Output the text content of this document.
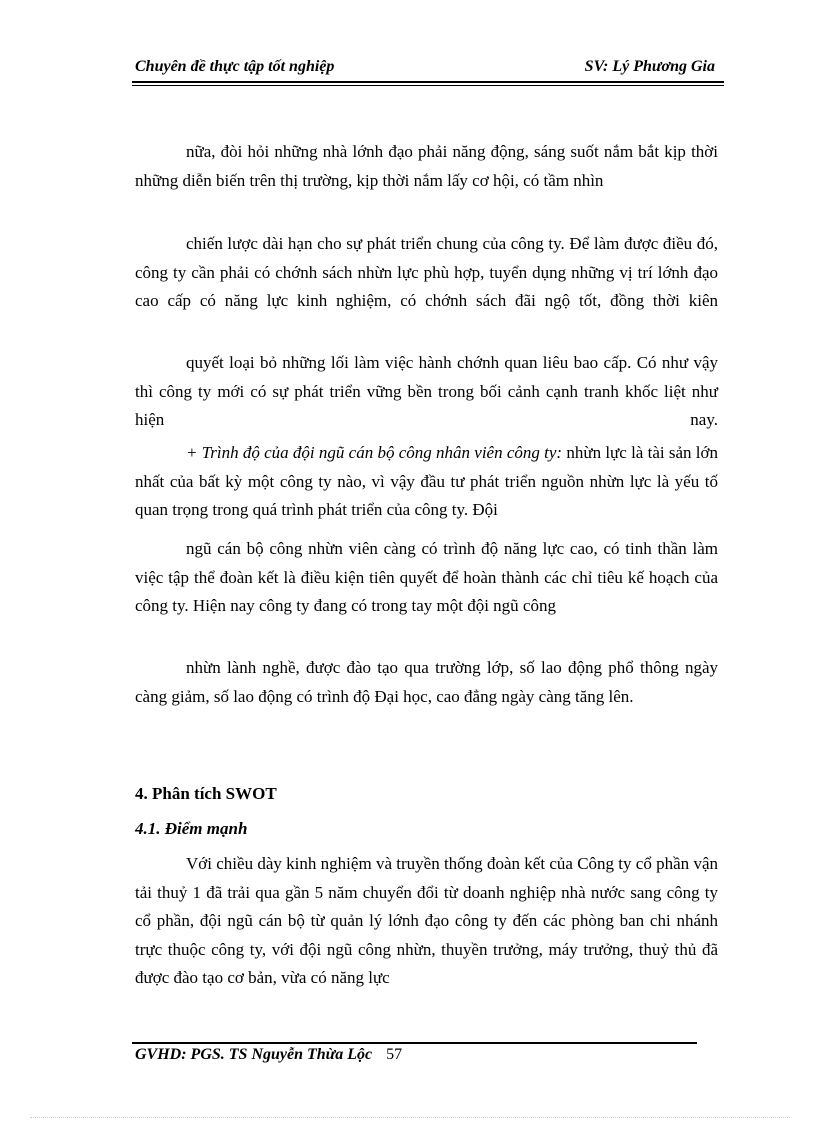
Chuyên đề thực tập tốt nghiệp	SV: Lý Phương Gia

nữa, đòi hỏi những nhà lớnh đạo phải năng động, sáng suốt nắm bắt kịp thời những diễn biến trên thị trường, kịp thời nắm lấy cơ hội, có tầm nhìn

chiến lược dài hạn cho sự phát triển chung của công ty. Để làm được điều đó, công ty cần phải có chớnh sách nhừn lực phù hợp, tuyển dụng những vị trí lớnh đạo cao cấp có năng lực kinh nghiệm, có chớnh sách đãi ngộ tốt, đồng thời kiên

quyết loại bỏ những lối làm việc hành chớnh quan liêu bao cấp. Có như vậy thì công ty mới có sự phát triển vững bền trong bối cảnh cạnh tranh khốc liệt như hiện nay.

+ Trình độ của đội ngũ cán bộ công nhân viên công ty: nhừn lực là tài sản lớn nhất của bất kỳ một công ty nào, vì vậy đầu tư phát triển nguồn nhừn lực là yếu tố quan trọng trong quá trình phát triển của công ty. Đội

ngũ cán bộ công nhừn viên càng có trình độ năng lực cao, có tinh thần làm việc tập thể đoàn kết là điều kiện tiên quyết để hoàn thành các chỉ tiêu kế hoạch của công ty. Hiện nay công ty đang có trong tay một đội ngũ công

nhừn lành nghề, được đào tạo qua trường lớp, số lao động phổ thông ngày càng giảm, số lao động có trình độ Đại học, cao đẳng ngày càng tăng lên.

4. Phân tích SWOT
4.1. Điểm mạnh

Với chiều dày kinh nghiệm và truyền thống đoàn kết của Công ty cổ phần vận tải thuỷ 1 đã trải qua gần 5 năm chuyển đổi từ doanh nghiệp nhà nước sang công ty cổ phần, đội ngũ cán bộ từ quản lý lớnh đạo công ty đến các phòng ban chi nhánh trực thuộc công ty, với đội ngũ công nhừn, thuyền trưởng, máy trưởng, thuỷ thủ đã được đào tạo cơ bản, vừa có năng lực

GVHD: PGS. TS Nguyễn Thừa Lộc 57
